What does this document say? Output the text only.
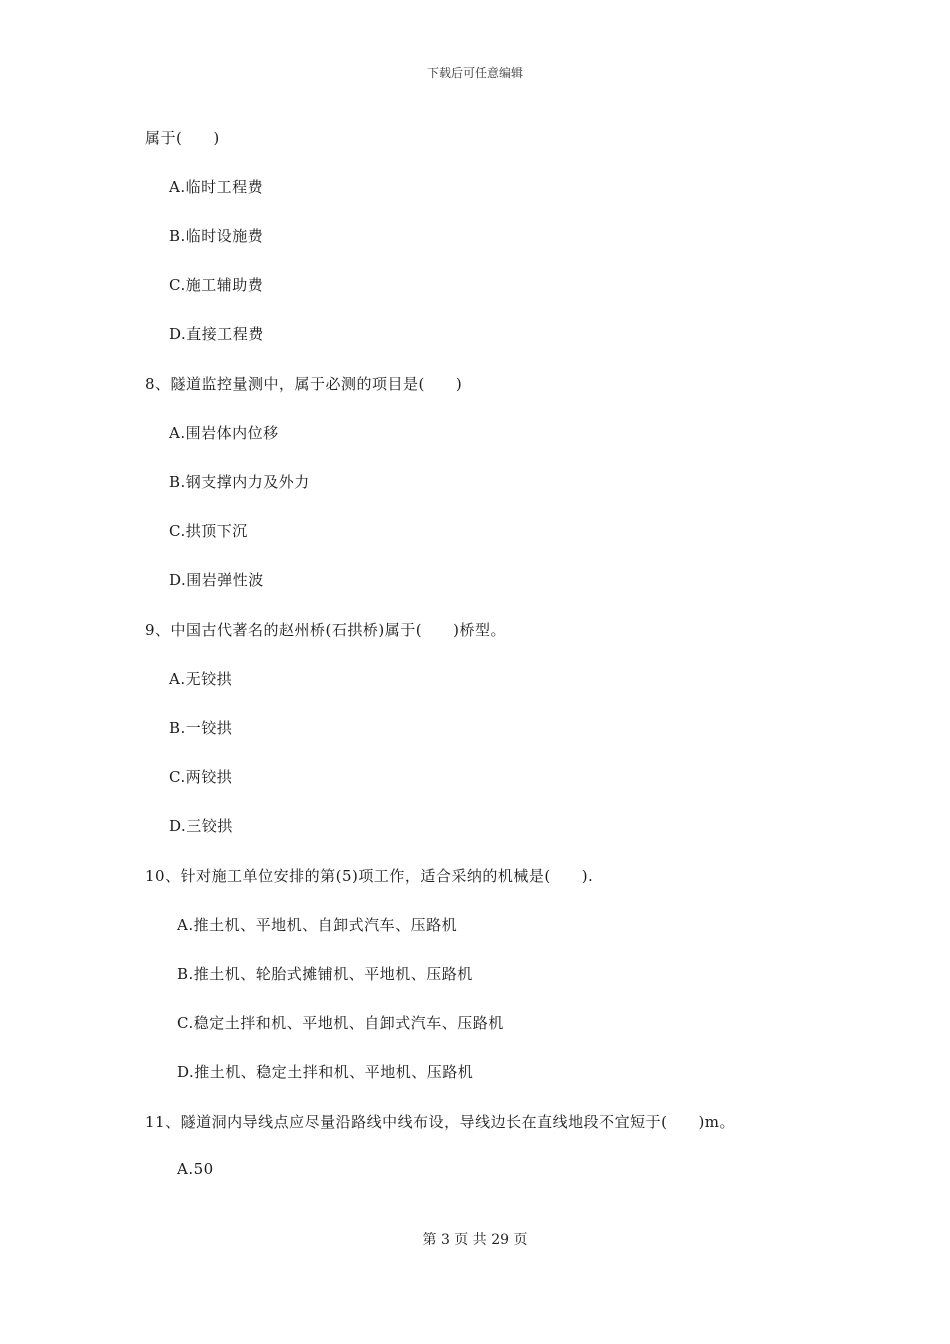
下载后可任意编辑
属于(　　)
A.临时工程费
B.临时设施费
C.施工辅助费
D.直接工程费
8、隧道监控量测中，属于必测的项目是(　　)
A.围岩体内位移
B.钢支撑内力及外力
C.拱顶下沉
D.围岩弹性波
9、中国古代著名的赵州桥(石拱桥)属于(　　)桥型。
A.无铰拱
B.一铰拱
C.两铰拱
D.三铰拱
10、针对施工单位安排的第(5)项工作，适合采纳的机械是(　　).
A.推土机、平地机、自卸式汽车、压路机
B.推土机、轮胎式摊铺机、平地机、压路机
C.稳定土拌和机、平地机、自卸式汽车、压路机
D.推土机、稳定土拌和机、平地机、压路机
11、隧道洞内导线点应尽量沿路线中线布设，导线边长在直线地段不宜短于(　　)m。
A.50
第 3 页 共 29 页
